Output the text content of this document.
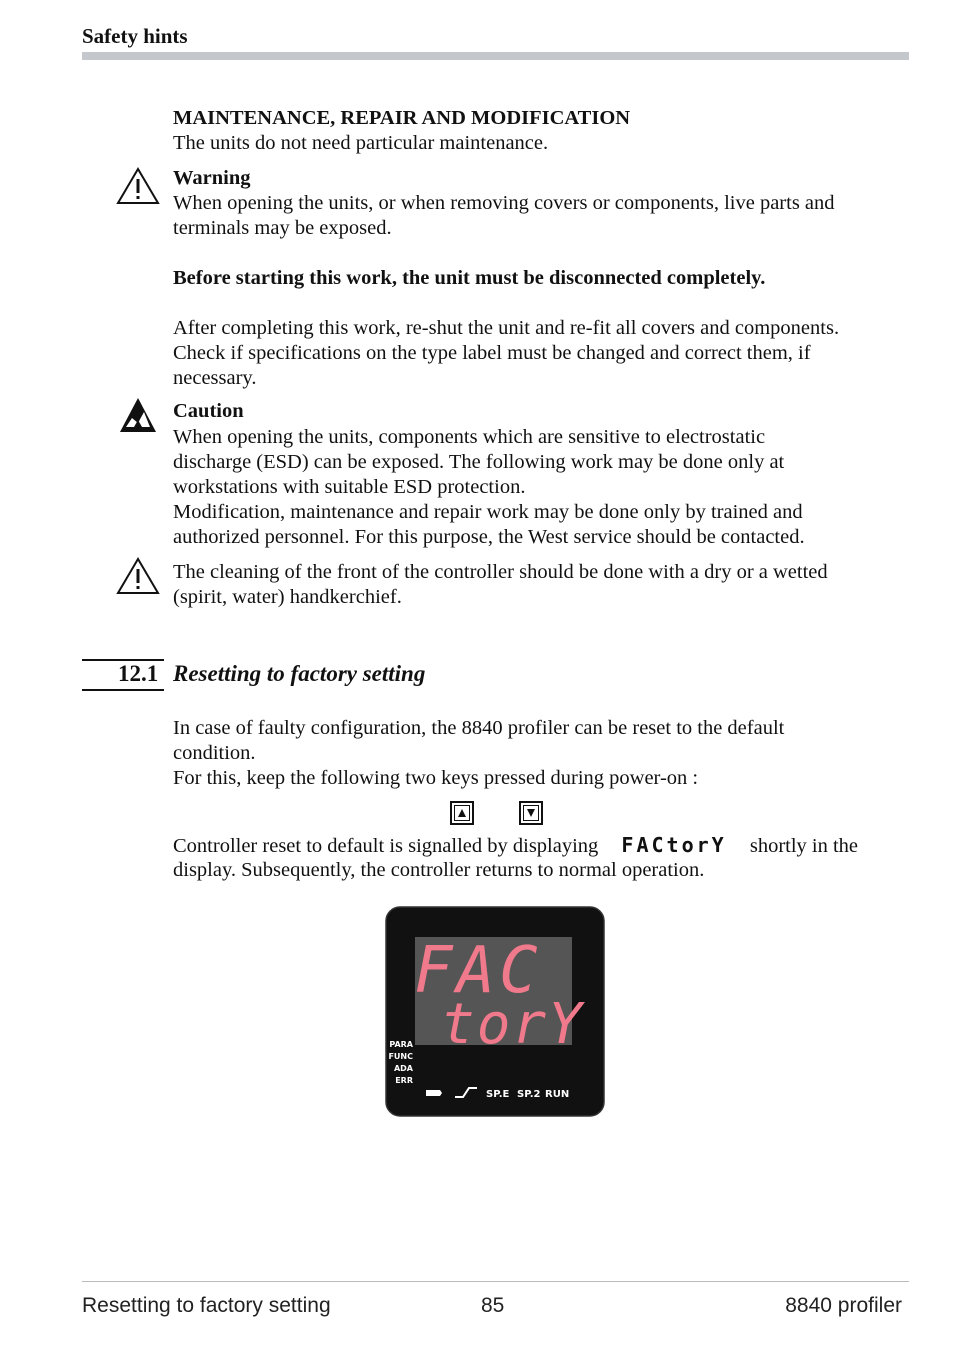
Safety hints
MAINTENANCE, REPAIR AND MODIFICATION
The units do not need particular maintenance.
Warning
When opening the units, or when removing covers or components, live parts and
terminals may be exposed.
Before starting this work, the unit must be disconnected completely.
After completing this work, re-shut the unit and re-fit all covers and components.
Check if specifications on the type label must be changed and correct them, if
necessary.
Caution
When opening the units, components which are sensitive to electrostatic
discharge (ESD) can be exposed. The following work may be done only at
workstations with suitable ESD protection.
Modification, maintenance and repair work may be done only by trained and
authorized personnel. For this purpose, the West service should be contacted.
The cleaning of the front of the controller should be done with a dry or a wetted
(spirit, water) handkerchief.
12.1 Resetting to factory setting
In case of faulty configuration, the 8840 profiler can be reset to the default
condition.
For this, keep the following two keys pressed during power-on :
Controller reset to default is signalled by displaying FACtorY shortly in the
display. Subsequently, the controller returns to normal operation.
FAC
torY
PARA
FUNC
ADA
ERR
SP.E SP.2 RUN
Resetting to factory setting	85	8840 profiler
